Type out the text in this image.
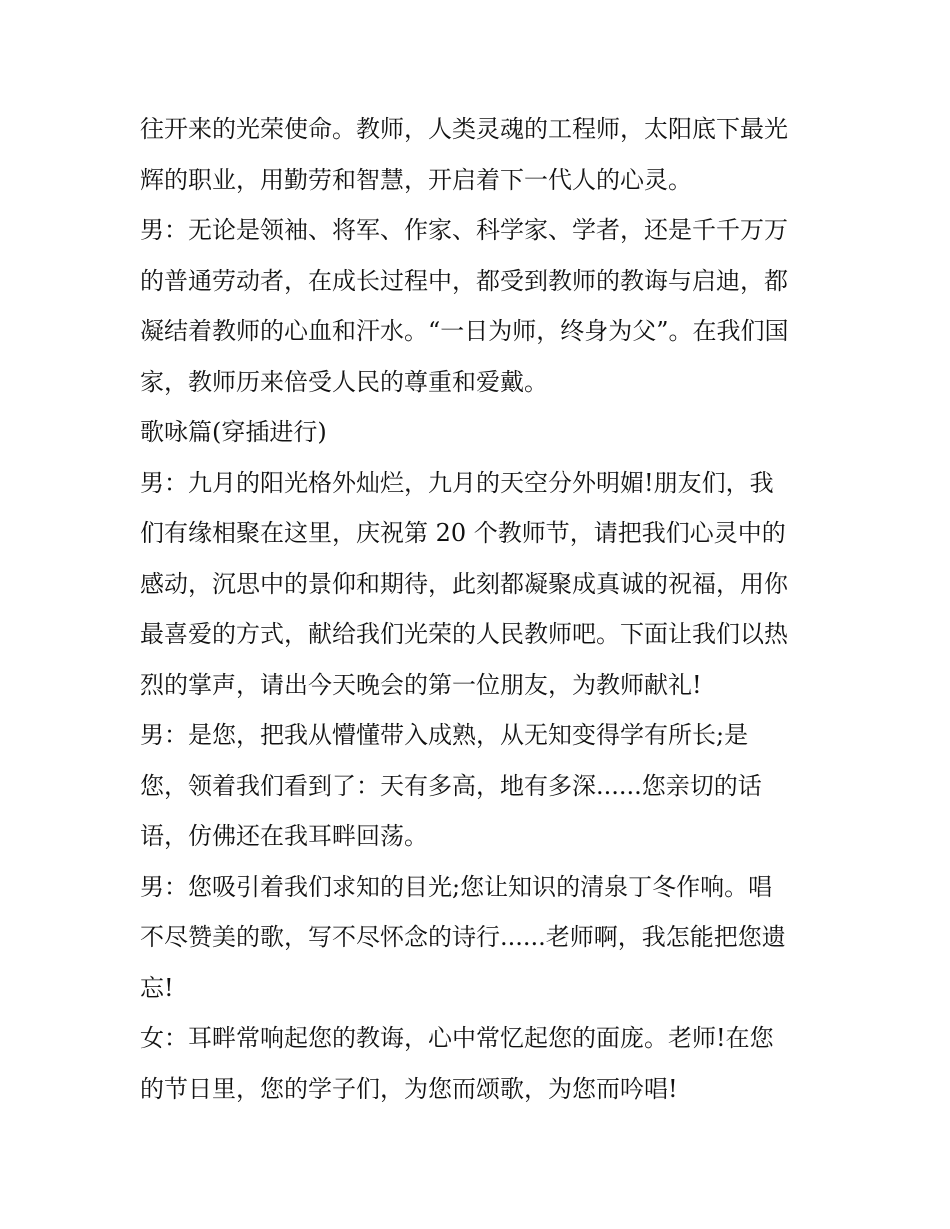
往开来的光荣使命。教师，人类灵魂的工程师，太阳底下最光
辉的职业，用勤劳和智慧，开启着下一代人的心灵。
男：无论是领袖、将军、作家、科学家、学者，还是千千万万
的普通劳动者，在成长过程中，都受到教师的教诲与启迪，都
凝结着教师的心血和汗水。“一日为师，终身为父”。在我们国
家，教师历来倍受人民的尊重和爱戴。
歌咏篇(穿插进行)
男：九月的阳光格外灿烂，九月的天空分外明媚!朋友们，我
们有缘相聚在这里，庆祝第 20 个教师节，请把我们心灵中的
感动，沉思中的景仰和期待，此刻都凝聚成真诚的祝福，用你
最喜爱的方式，献给我们光荣的人民教师吧。下面让我们以热
烈的掌声，请出今天晚会的第一位朋友，为教师献礼!
男：是您，把我从懵懂带入成熟，从无知变得学有所长;是
您，领着我们看到了：天有多高，地有多深......您亲切的话
语，仿佛还在我耳畔回荡。
男：您吸引着我们求知的目光;您让知识的清泉丁冬作响。唱
不尽赞美的歌，写不尽怀念的诗行......老师啊，我怎能把您遗
忘!
女：耳畔常响起您的教诲，心中常忆起您的面庞。老师!在您
的节日里，您的学子们，为您而颂歌，为您而吟唱!
